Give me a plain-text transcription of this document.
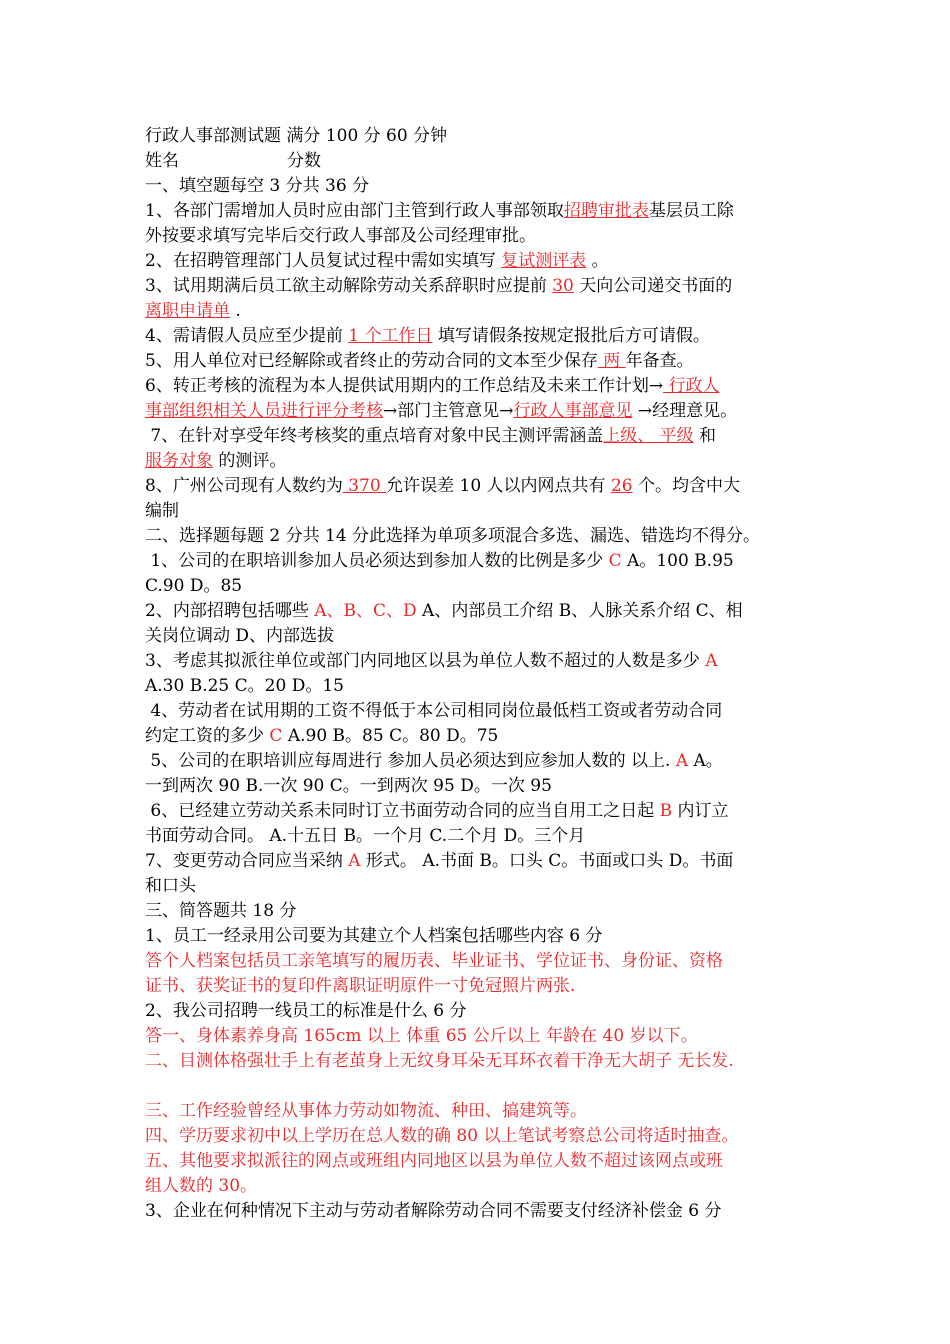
行政人事部测试题 满分 100 分 60 分钟
姓名	分数
一、填空题每空 3 分共 36 分
1、各部门需增加人员时应由部门主管到行政人事部领取招聘审批表基层员工除
外按要求填写完毕后交行政人事部及公司经理审批。
2、在招聘管理部门人员复试过程中需如实填写 复试测评表 。
3、试用期满后员工欲主动解除劳动关系辞职时应提前 30 天向公司递交书面的
离职申请单 .
4、需请假人员应至少提前 1 个工作日 填写请假条按规定报批后方可请假。
5、用人单位对已经解除或者终止的劳动合同的文本至少保存 两 年备查。
6、转正考核的流程为本人提供试用期内的工作总结及未来工作计划→ 行政人
事部组织相关人员进行评分考核→部门主管意见→行政人事部意见 →经理意见。
7、在针对享受年终考核奖的重点培育对象中民主测评需涵盖上级、 平级 和
服务对象 的测评。
8、广州公司现有人数约为 370 允许误差 10 人以内网点共有 26 个。均含中大
编制
二、选择题每题 2 分共 14 分此选择为单项多项混合多选、漏选、错选均不得分。
1、公司的在职培训参加人员必须达到参加人数的比例是多少 C A。100 B.95
C.90 D。85
2、内部招聘包括哪些 A、B、C、D A、内部员工介绍 B、人脉关系介绍 C、相
关岗位调动 D、内部选拔
3、考虑其拟派往单位或部门内同地区以县为单位人数不超过的人数是多少 A
A.30 B.25 C。20 D。15
4、劳动者在试用期的工资不得低于本公司相同岗位最低档工资或者劳动合同
约定工资的多少 C A.90 B。85 C。80 D。75
5、公司的在职培训应每周进行 参加人员必须达到应参加人数的 以上. A A。
一到两次 90 B.一次 90 C。一到两次 95 D。一次 95
6、已经建立劳动关系未同时订立书面劳动合同的应当自用工之日起 B 内订立
书面劳动合同。 A.十五日 B。一个月 C.二个月 D。三个月
7、变更劳动合同应当采纳 A 形式。 A.书面 B。口头 C。书面或口头 D。书面
和口头
三、简答题共 18 分
1、员工一经录用公司要为其建立个人档案包括哪些内容 6 分
答个人档案包括员工亲笔填写的履历表、毕业证书、学位证书、身份证、资格
证书、获奖证书的复印件离职证明原件一寸免冠照片两张.
2、我公司招聘一线员工的标准是什么 6 分
答一、身体素养身高 165cm 以上 体重 65 公斤以上 年龄在 40 岁以下。
二、目测体格强壮手上有老茧身上无纹身耳朵无耳环衣着干净无大胡子 无长发.
三、工作经验曾经从事体力劳动如物流、种田、搞建筑等。
四、学历要求初中以上学历在总人数的确 80 以上笔试考察总公司将适时抽查。
五、其他要求拟派往的网点或班组内同地区以县为单位人数不超过该网点或班
组人数的 30。
3、企业在何种情况下主动与劳动者解除劳动合同不需要支付经济补偿金 6 分
